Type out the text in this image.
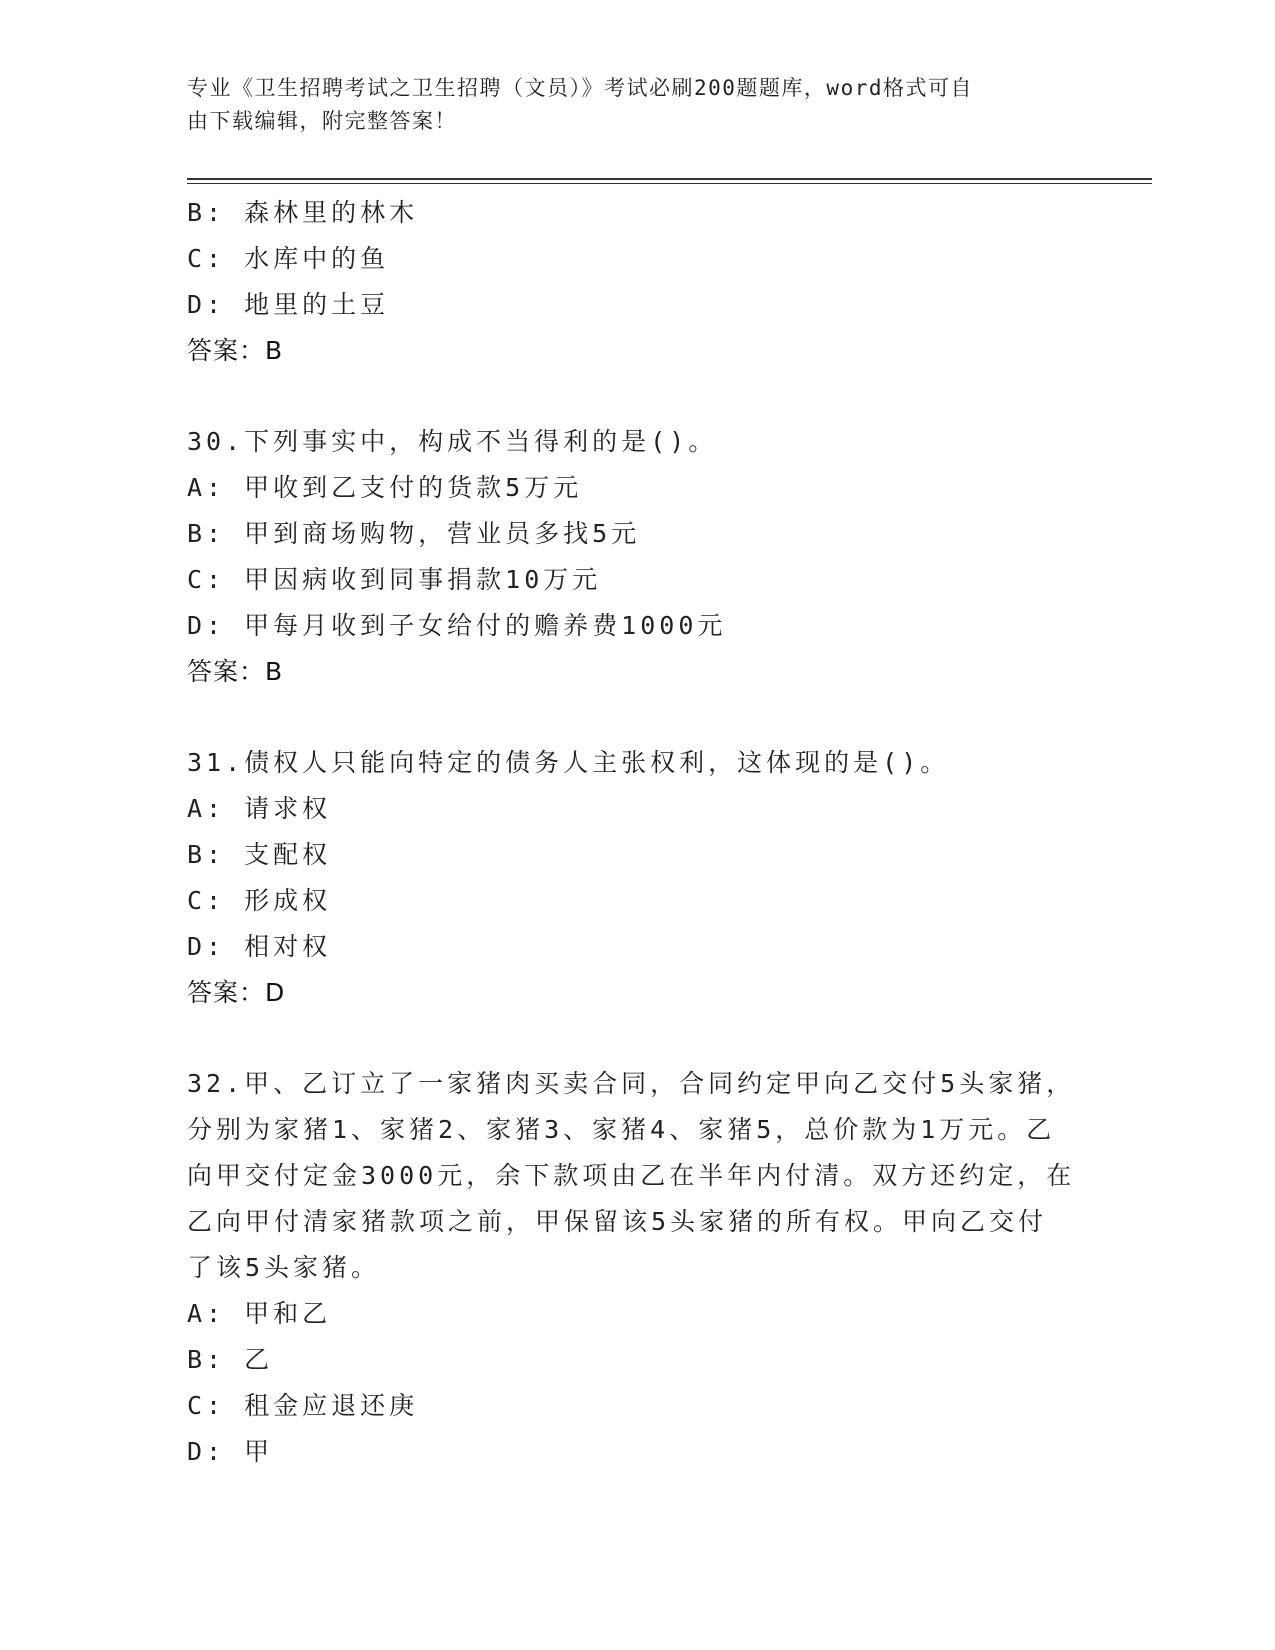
专业《卫生招聘考试之卫生招聘（文员）》考试必刷200题题库，word格式可自
由下载编辑，附完整答案！
B: 森林里的林木
C: 水库中的鱼
D: 地里的土豆
答案：B
30.下列事实中，构成不当得利的是()。
A: 甲收到乙支付的货款5万元
B: 甲到商场购物，营业员多找5元
C: 甲因病收到同事捐款10万元
D: 甲每月收到子女给付的赡养费1000元
答案：B
31.债权人只能向特定的债务人主张权利，这体现的是()。
A: 请求权
B: 支配权
C: 形成权
D: 相对权
答案：D
32.甲、乙订立了一家猪肉买卖合同，合同约定甲向乙交付5头家猪，
分别为家猪1、家猪2、家猪3、家猪4、家猪5，总价款为1万元。乙
向甲交付定金3000元，余下款项由乙在半年内付清。双方还约定，在
乙向甲付清家猪款项之前，甲保留该5头家猪的所有权。甲向乙交付
了该5头家猪。
A: 甲和乙
B: 乙
C: 租金应退还庚
D: 甲
